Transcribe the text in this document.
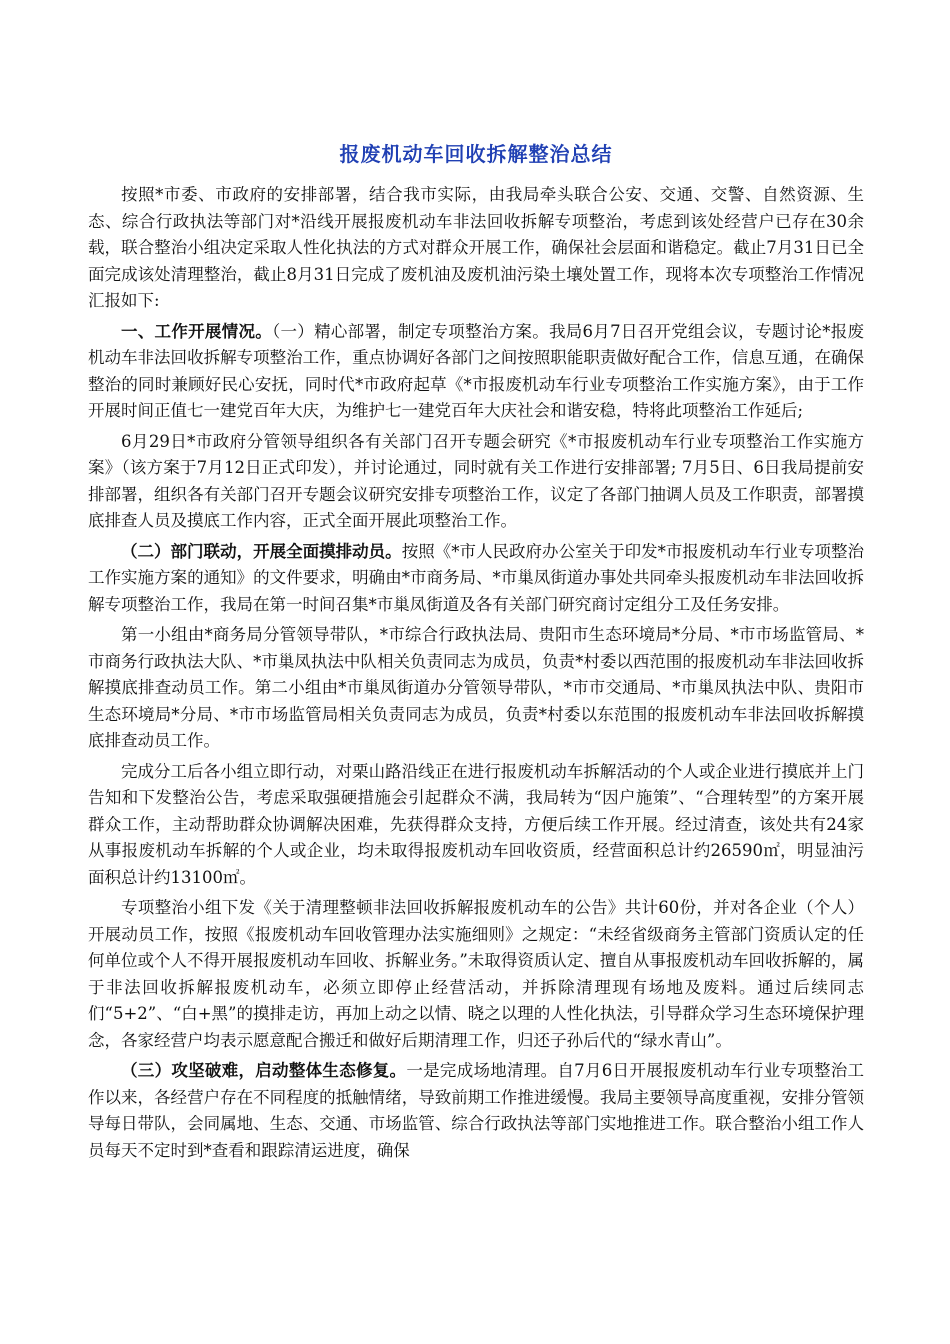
报废机动车回收拆解整治总结

按照*市委、市政府的安排部署，结合我市实际，由我局牵头联合公安、交通、交警、自然资源、生态、综合行政执法等部门对*沿线开展报废机动车非法回收拆解专项整治，考虑到该处经营户已存在30余载，联合整治小组决定采取人性化执法的方式对群众开展工作，确保社会层面和谐稳定。截止7月31日已全面完成该处清理整治，截止8月31日完成了废机油及废机油污染土壤处置工作，现将本次专项整治工作情况汇报如下:

一、工作开展情况。（一）精心部署，制定专项整治方案。我局6月7日召开党组会议，专题讨论*报废机动车非法回收拆解专项整治工作，重点协调好各部门之间按照职能职责做好配合工作，信息互通，在确保整治的同时兼顾好民心安抚，同时代*市政府起草《*市报废机动车行业专项整治工作实施方案》，由于工作开展时间正值七一建党百年大庆，为维护七一建党百年大庆社会和谐安稳，特将此项整治工作延后;

6月29日*市政府分管领导组织各有关部门召开专题会研究《*市报废机动车行业专项整治工作实施方案》（该方案于7月12日正式印发），并讨论通过，同时就有关工作进行安排部署; 7月5日、6日我局提前安排部署，组织各有关部门召开专题会议研究安排专项整治工作，议定了各部门抽调人员及工作职责，部署摸底排查人员及摸底工作内容，正式全面开展此项整治工作。

（二）部门联动，开展全面摸排动员。按照《*市人民政府办公室关于印发*市报废机动车行业专项整治工作实施方案的通知》的文件要求，明确由*市商务局、*市巢凤街道办事处共同牵头报废机动车非法回收拆解专项整治工作，我局在第一时间召集*市巢凤街道及各有关部门研究商讨定组分工及任务安排。

第一小组由*商务局分管领导带队，*市综合行政执法局、贵阳市生态环境局*分局、*市市场监管局、*市商务行政执法大队、*市巢凤执法中队相关负责同志为成员，负责*村委以西范围的报废机动车非法回收拆解摸底排查动员工作。第二小组由*市巢凤街道办分管领导带队，*市市交通局、*市巢凤执法中队、贵阳市生态环境局*分局、*市市场监管局相关负责同志为成员，负责*村委以东范围的报废机动车非法回收拆解摸底排查动员工作。

完成分工后各小组立即行动，对栗山路沿线正在进行报废机动车拆解活动的个人或企业进行摸底并上门告知和下发整治公告，考虑采取强硬措施会引起群众不满，我局转为“因户施策”、“合理转型”的方案开展群众工作，主动帮助群众协调解决困难，先获得群众支持，方便后续工作开展。经过清查，该处共有24家从事报废机动车拆解的个人或企业，均未取得报废机动车回收资质，经营面积总计约26590㎡，明显油污面积总计约13100㎡。

专项整治小组下发《关于清理整顿非法回收拆解报废机动车的公告》共计60份，并对各企业（个人）开展动员工作，按照《报废机动车回收管理办法实施细则》之规定：“未经省级商务主管部门资质认定的任何单位或个人不得开展报废机动车回收、拆解业务。”未取得资质认定、擅自从事报废机动车回收拆解的，属于非法回收拆解报废机动车，必须立即停止经营活动，并拆除清理现有场地及废料。通过后续同志们“5+2”、“白+黑”的摸排走访，再加上动之以情、晓之以理的人性化执法，引导群众学习生态环境保护理念，各家经营户均表示愿意配合搬迁和做好后期清理工作，归还子孙后代的“绿水青山”。

（三）攻坚破难，启动整体生态修复。一是完成场地清理。自7月6日开展报废机动车行业专项整治工作以来，各经营户存在不同程度的抵触情绪，导致前期工作推进缓慢。我局主要领导高度重视，安排分管领导每日带队，会同属地、生态、交通、市场监管、综合行政执法等部门实地推进工作。联合整治小组工作人员每天不定时到*查看和跟踪清运进度，确保
